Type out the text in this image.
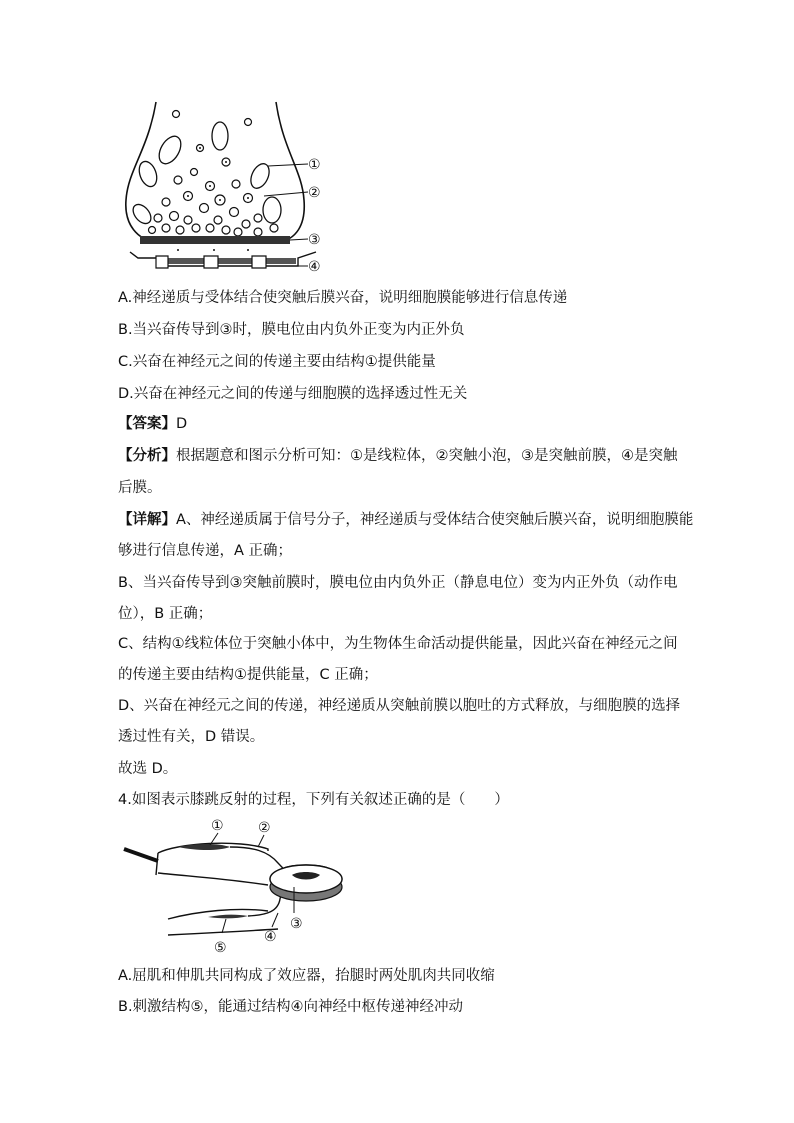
①
②
③
④
A.神经递质与受体结合使突触后膜兴奋，说明细胞膜能够进行信息传递
B.当兴奋传导到③时，膜电位由内负外正变为内正外负
C.兴奋在神经元之间的传递主要由结构①提供能量
D.兴奋在神经元之间的传递与细胞膜的选择透过性无关
【答案】D
【分析】根据题意和图示分析可知：①是线粒体，②突触小泡，③是突触前膜，④是突触
后膜。
【详解】A、神经递质属于信号分子，神经递质与受体结合使突触后膜兴奋，说明细胞膜能
够进行信息传递，A 正确；
B、当兴奋传导到③突触前膜时，膜电位由内负外正（静息电位）变为内正外负（动作电
位），B 正确；
C、结构①线粒体位于突触小体中，为生物体生命活动提供能量，因此兴奋在神经元之间
的传递主要由结构①提供能量，C 正确；
D、兴奋在神经元之间的传递，神经递质从突触前膜以胞吐的方式释放，与细胞膜的选择
透过性有关，D 错误。
故选 D。
4.如图表示膝跳反射的过程，下列有关叙述正确的是（　　）
① ②
③
④
⑤
A.屈肌和伸肌共同构成了效应器，抬腿时两处肌肉共同收缩
B.刺激结构⑤，能通过结构④向神经中枢传递神经冲动
